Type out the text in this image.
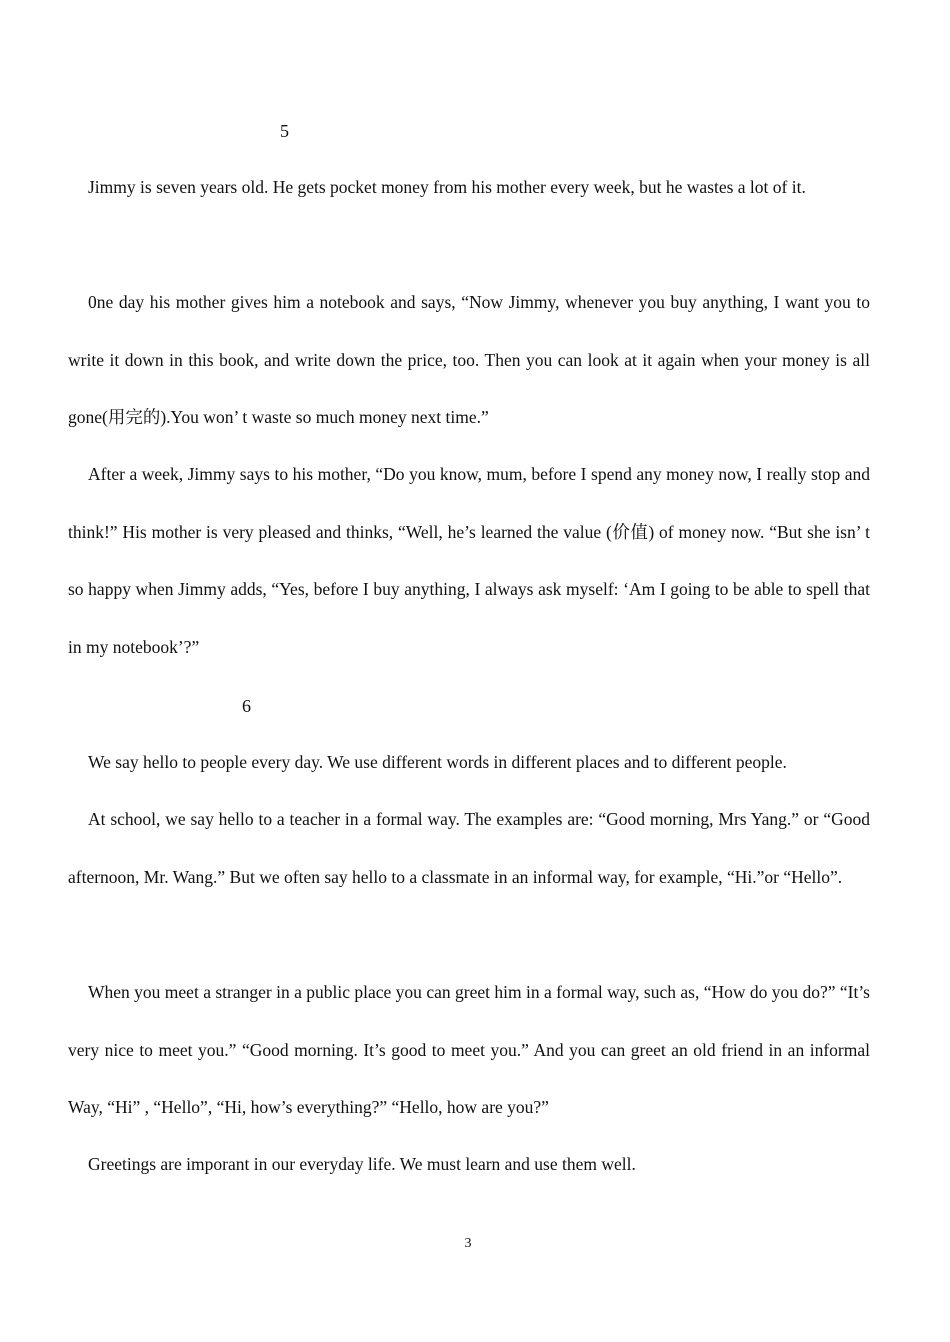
5

Jimmy is seven years old. He gets pocket money from his mother every week, but he wastes a lot of it.

0ne day his mother gives him a notebook and says, “Now Jimmy, whenever you buy anything, I want you to write it down in this book, and write down the price, too. Then you can look at it again when your money is all gone(用完的).You won’ t waste so much money next time.”

After a week, Jimmy says to his mother, “Do you know, mum, before I spend any money now, I really stop and think!” His mother is very pleased and thinks, “Well, he’s learned the value (价值) of money now. “But she isn’ t so happy when Jimmy adds, “Yes, before I buy anything, I always ask myself: ‘Am I going to be able to spell that in my notebook’?”

6

We say hello to people every day. We use different words in different places and to different people.

At school, we say hello to a teacher in a formal way. The examples are: “Good morning, Mrs Yang.” or “Good afternoon, Mr. Wang.” But we often say hello to a classmate in an informal way, for example, “Hi.”or “Hello”.

When you meet a stranger in a public place you can greet him in a formal way, such as, “How do you do?” “It’s very nice to meet you.” “Good morning. It’s good to meet you.” And you can greet an old friend in an informal Way, “Hi” , “Hello”, “Hi, how’s everything?” “Hello, how are you?”

Greetings are imporant in our everyday life. We must learn and use them well.

3
